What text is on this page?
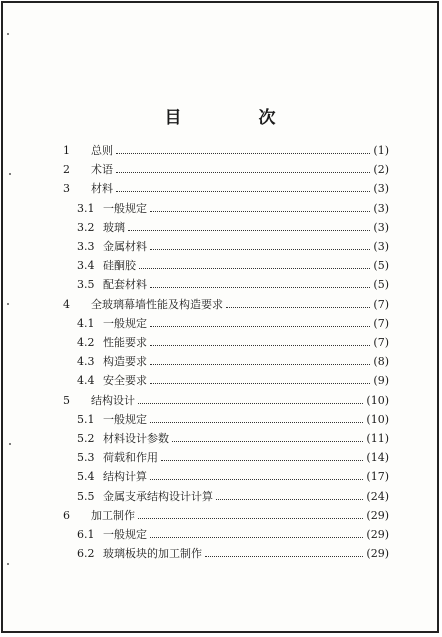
目　次
1 总则	(1)
2 术语	(2)
3 材料	(3)
3.1 一般规定	(3)
3.2 玻璃	(3)
3.3 金属材料	(3)
3.4 硅酮胶	(5)
3.5 配套材料	(5)
4 全玻璃幕墙性能及构造要求	(7)
4.1 一般规定	(7)
4.2 性能要求	(7)
4.3 构造要求	(8)
4.4 安全要求	(9)
5 结构设计	(10)
5.1 一般规定	(10)
5.2 材料设计参数	(11)
5.3 荷载和作用	(14)
5.4 结构计算	(17)
5.5 金属支承结构设计计算	(24)
6 加工制作	(29)
6.1 一般规定	(29)
6.2 玻璃板块的加工制作	(29)
